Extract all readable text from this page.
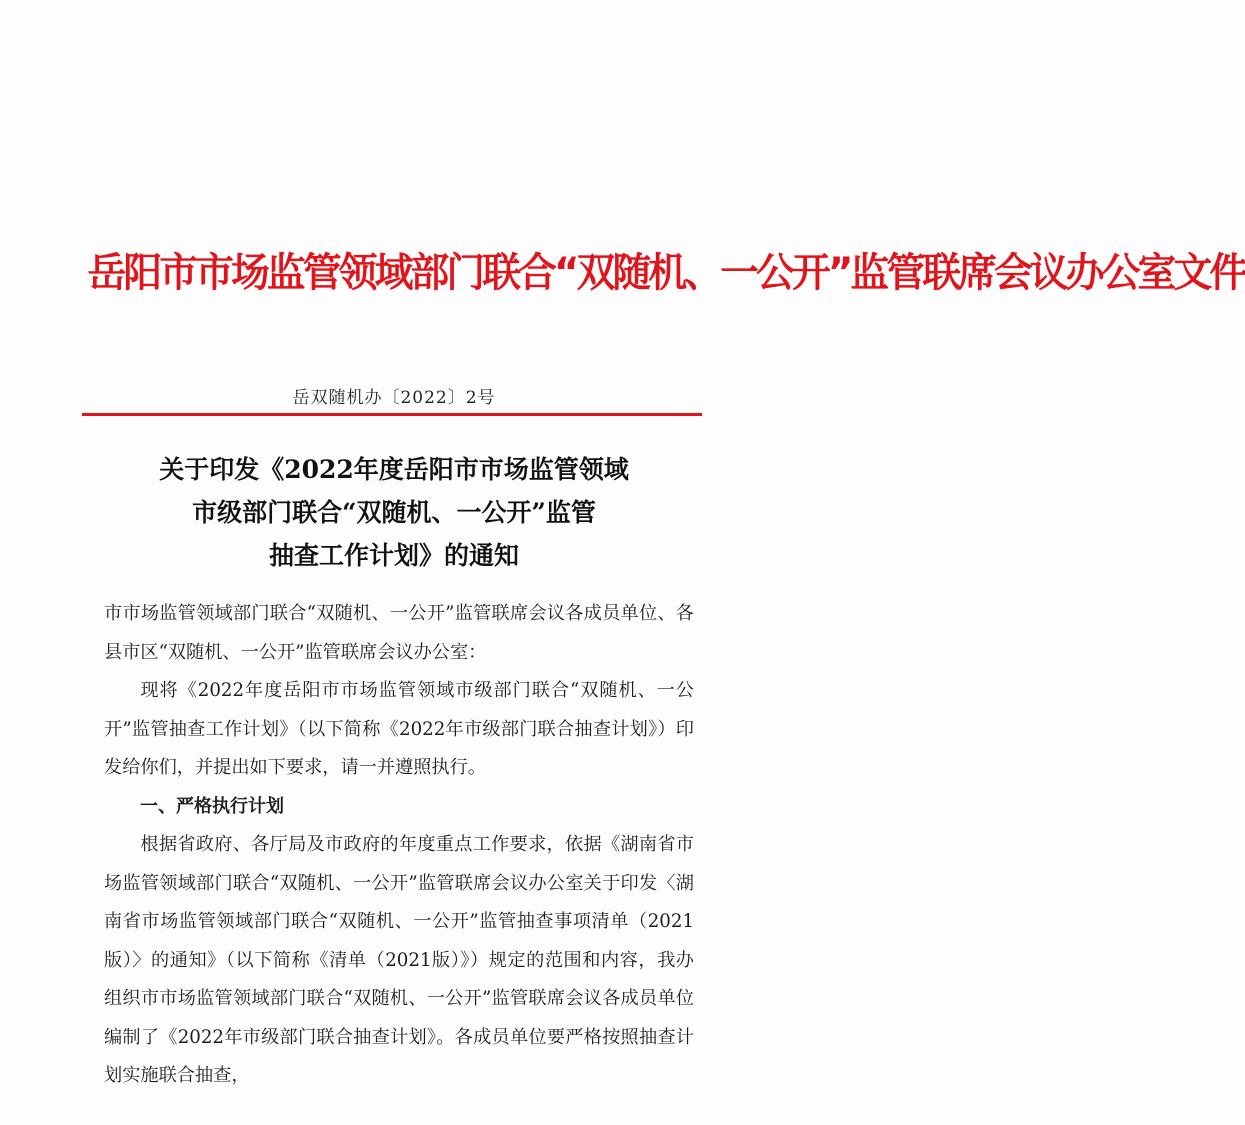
岳阳市市场监管领域部门联合“双随机、一公开”监管联席会议办公室文件
岳双随机办〔2022〕2号
关于印发《2022年度岳阳市市场监管领域
市级部门联合“双随机、一公开”监管
抽查工作计划》的通知

市市场监管领域部门联合“双随机、一公开”监管联席会议各成员单位、各县市区“双随机、一公开”监管联席会议办公室：

现将《2022年度岳阳市市场监管领域市级部门联合“双随机、一公开”监管抽查工作计划》（以下简称《2022年市级部门联合抽查计划》）印发给你们，并提出如下要求，请一并遵照执行。

一、严格执行计划

根据省政府、各厅局及市政府的年度重点工作要求，依据《湖南省市场监管领域部门联合“双随机、一公开”监管联席会议办公室关于印发〈湖南省市场监管领域部门联合“双随机、一公开”监管抽查事项清单（2021版）〉的通知》（以下简称《清单（2021版）》）规定的范围和内容，我办组织市市场监管领域部门联合“双随机、一公开”监管联席会议各成员单位编制了《2022年市级部门联合抽查计划》。各成员单位要严格按照抽查计划实施联合抽查，
